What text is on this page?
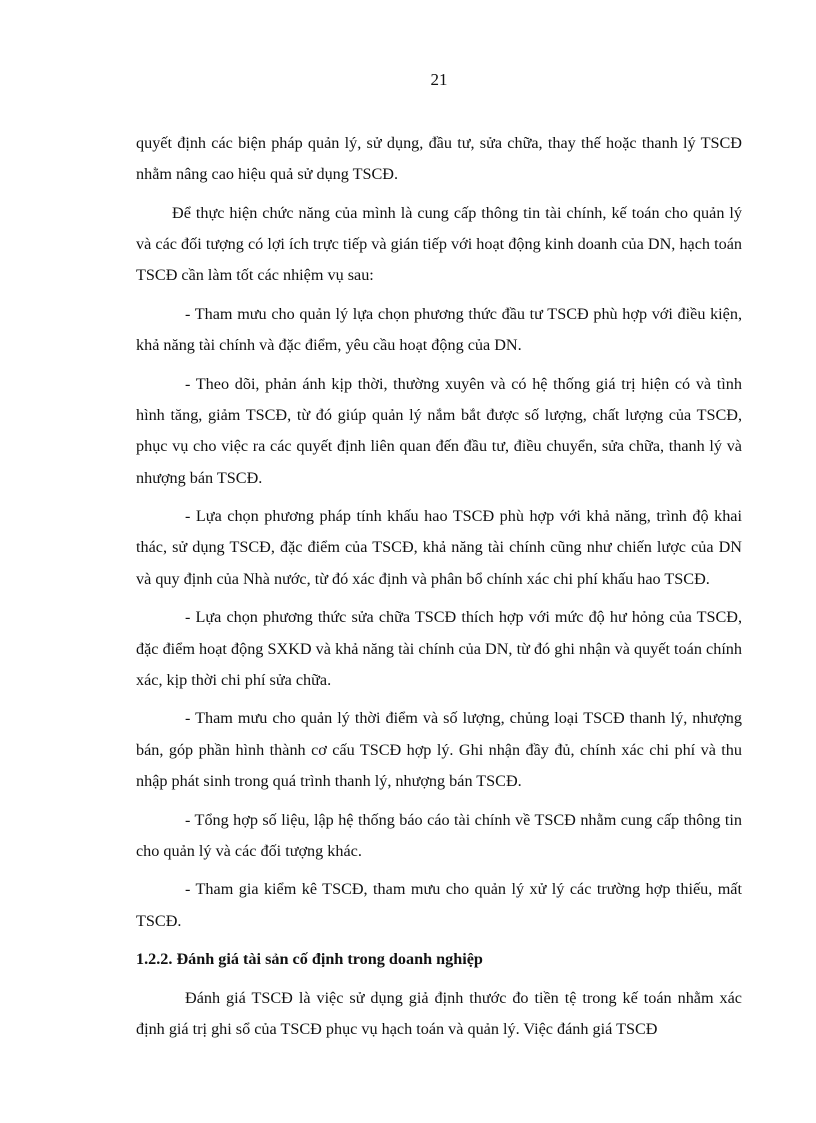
21

quyết định các biện pháp quản lý, sử dụng, đầu tư, sửa chữa, thay thế hoặc thanh lý TSCĐ nhằm nâng cao hiệu quả sử dụng TSCĐ.

Để thực hiện chức năng của mình là cung cấp thông tin tài chính, kế toán cho quản lý và các đối tượng có lợi ích trực tiếp và gián tiếp với hoạt động kinh doanh của DN, hạch toán TSCĐ cần làm tốt các nhiệm vụ sau:

- Tham mưu cho quản lý lựa chọn phương thức đầu tư TSCĐ phù hợp với điều kiện, khả năng tài chính và đặc điểm, yêu cầu hoạt động của DN.

- Theo dõi, phản ánh kịp thời, thường xuyên và có hệ thống giá trị hiện có và tình hình tăng, giảm TSCĐ, từ đó giúp quản lý nắm bắt được số lượng, chất lượng của TSCĐ, phục vụ cho việc ra các quyết định liên quan đến đầu tư, điều chuyển, sửa chữa, thanh lý và nhượng bán TSCĐ.

- Lựa chọn phương pháp tính khấu hao TSCĐ phù hợp với khả năng, trình độ khai thác, sử dụng TSCĐ, đặc điểm của TSCĐ, khả năng tài chính cũng như chiến lược của DN và quy định của Nhà nước, từ đó xác định và phân bổ chính xác chi phí khấu hao TSCĐ.

- Lựa chọn phương thức sửa chữa TSCĐ thích hợp với mức độ hư hỏng của TSCĐ, đặc điểm hoạt động SXKD và khả năng tài chính của DN, từ đó ghi nhận và quyết toán chính xác, kịp thời chi phí sửa chữa.

- Tham mưu cho quản lý thời điểm và số lượng, chủng loại TSCĐ thanh lý, nhượng bán, góp phần hình thành cơ cấu TSCĐ hợp lý. Ghi nhận đầy đủ, chính xác chi phí và thu nhập phát sinh trong quá trình thanh lý, nhượng bán TSCĐ.

- Tổng hợp số liệu, lập hệ thống báo cáo tài chính về TSCĐ nhằm cung cấp thông tin cho quản lý và các đối tượng khác.

- Tham gia kiểm kê TSCĐ, tham mưu cho quản lý xử lý các trường hợp thiếu, mất TSCĐ.

1.2.2. Đánh giá tài sản cố định trong doanh nghiệp

Đánh giá TSCĐ là việc sử dụng giả định thước đo tiền tệ trong kế toán nhằm xác định giá trị ghi sổ của TSCĐ phục vụ hạch toán và quản lý. Việc đánh giá TSCĐ
